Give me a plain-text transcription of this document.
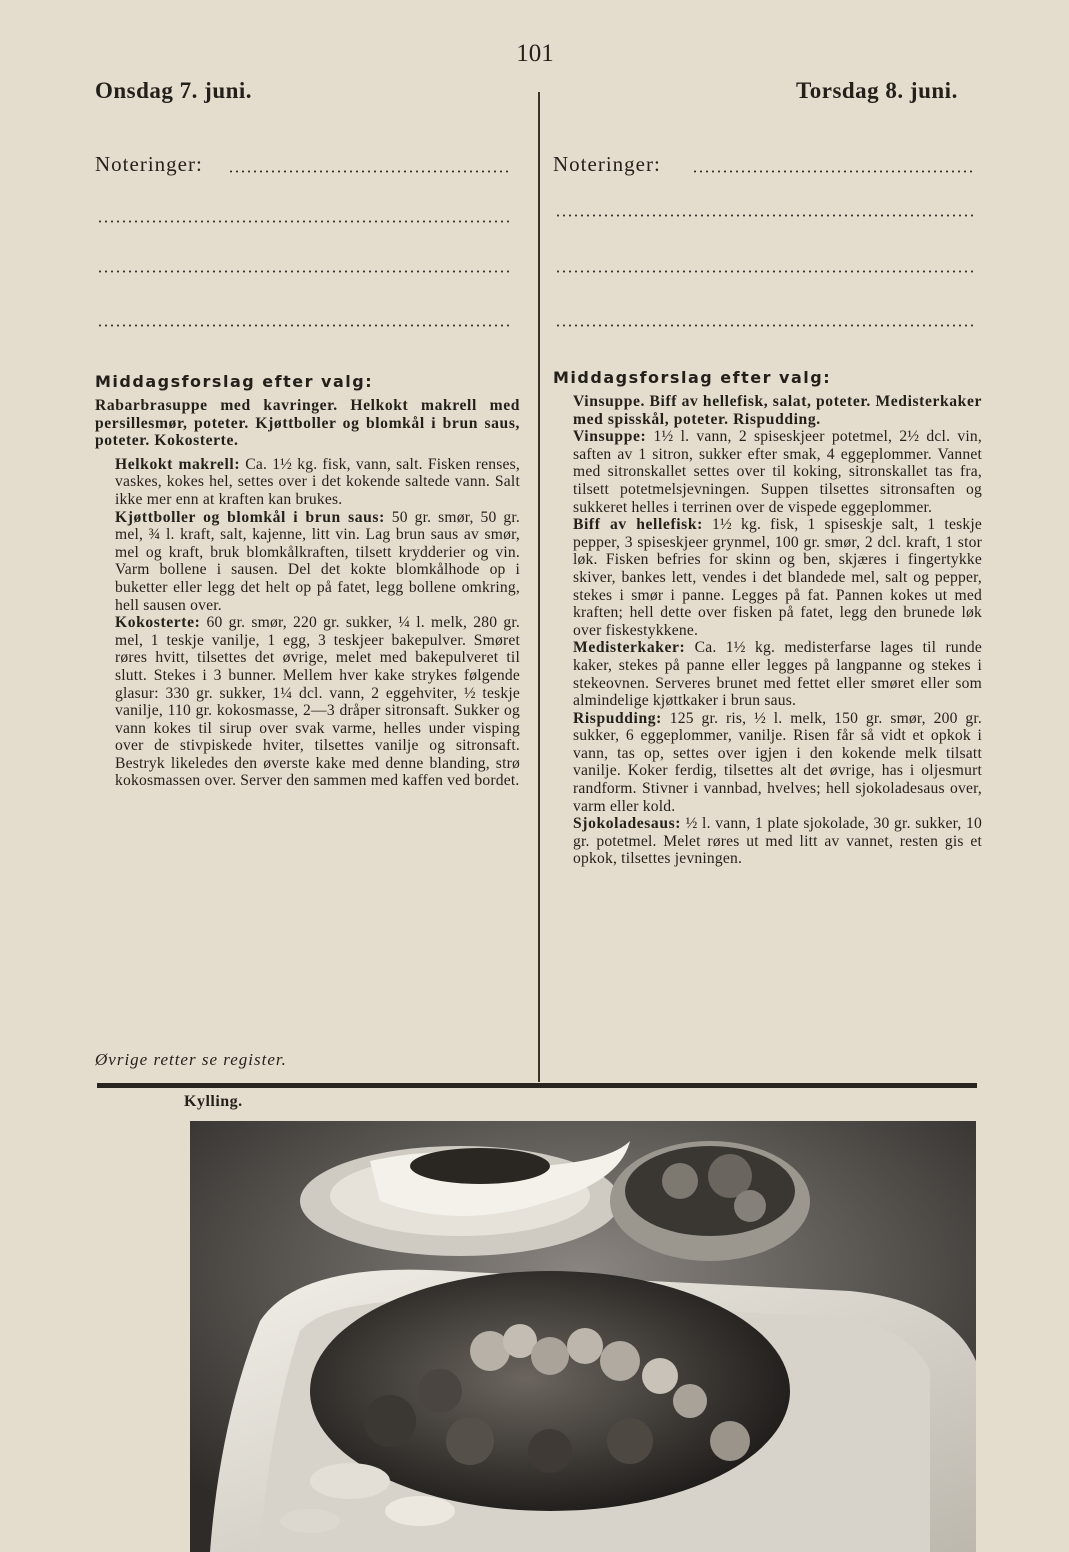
101
Onsdag 7. juni.	Torsdag 8. juni.
Noteringer:	Noteringer:
Middagsforslag efter valg:

Rabarbrasuppe med kavringer. Helkokt makrell med persillesmør, poteter. Kjøttboller og blomkål i brun saus, poteter. Kokosterte.

Helkokt makrell: Ca. 1½ kg. fisk, vann, salt. Fisken renses, vaskes, kokes hel, settes over i det kokende saltede vann. Salt ikke mer enn at kraften kan brukes.

Kjøttboller og blomkål i brun saus: 50 gr. smør, 50 gr. mel, ¾ l. kraft, salt, kajenne, litt vin. Lag brun saus av smør, mel og kraft, bruk blomkålkraften, tilsett krydderier og vin. Varm bollene i sausen. Del det kokte blomkålhode op i buketter eller legg det helt op på fatet, legg bollene omkring, hell sausen over.

Kokosterte: 60 gr. smør, 220 gr. sukker, ¼ l. melk, 280 gr. mel, 1 teskje vanilje, 1 egg, 3 teskjeer bakepulver. Smøret røres hvitt, tilsettes det øvrige, melet med bakepulveret til slutt. Stekes i 3 bunner. Mellem hver kake strykes følgende glasur: 330 gr. sukker, 1¼ dcl. vann, 2 eggehviter, ½ teskje vanilje, 110 gr. kokosmasse, 2—3 dråper sitronsaft. Sukker og vann kokes til sirup over svak varme, helles under visping over de stivpiskede hviter, tilsettes vanilje og sitronsaft. Bestryk likeledes den øverste kake med denne blanding, strø kokosmassen over. Server den sammen med kaffen ved bordet.

Middagsforslag efter valg:

Vinsuppe. Biff av hellefisk, salat, poteter. Medisterkaker med spisskål, poteter. Rispudding.

Vinsuppe: 1½ l. vann, 2 spiseskjeer potetmel, 2½ dcl. vin, saften av 1 sitron, sukker efter smak, 4 eggeplommer. Vannet med sitronskallet settes over til koking, sitronskallet tas fra, tilsett potetmelsjevningen. Suppen tilsettes sitronsaften og sukkeret helles i terrinen over de vispede eggeplommer.

Biff av hellefisk: 1½ kg. fisk, 1 spiseskje salt, 1 teskje pepper, 3 spiseskjeer grynmel, 100 gr. smør, 2 dcl. kraft, 1 stor løk. Fisken befries for skinn og ben, skjæres i fingertykke skiver, bankes lett, vendes i det blandede mel, salt og pepper, stekes i smør i panne. Legges på fat. Pannen kokes ut med kraften; hell dette over fisken på fatet, legg den brunede løk over fiskestykkene.

Medisterkaker: Ca. 1½ kg. medisterfarse lages til runde kaker, stekes på panne eller legges på langpanne og stekes i stekeovnen. Serveres brunet med fettet eller smøret eller som almindelige kjøttkaker i brun saus.

Rispudding: 125 gr. ris, ½ l. melk, 150 gr. smør, 200 gr. sukker, 6 eggeplommer, vanilje. Risen får så vidt et opkok i vann, tas op, settes over igjen i den kokende melk tilsatt vanilje. Koker ferdig, tilsettes alt det øvrige, has i oljesmurt randform. Stivner i vannbad, hvelves; hell sjokoladesaus over, varm eller kold.

Sjokoladesaus: ½ l. vann, 1 plate sjokolade, 30 gr. sukker, 10 gr. potetmel. Melet røres ut med litt av vannet, resten gis et opkok, tilsettes jevningen.

Øvrige retter se register.
Kylling.
